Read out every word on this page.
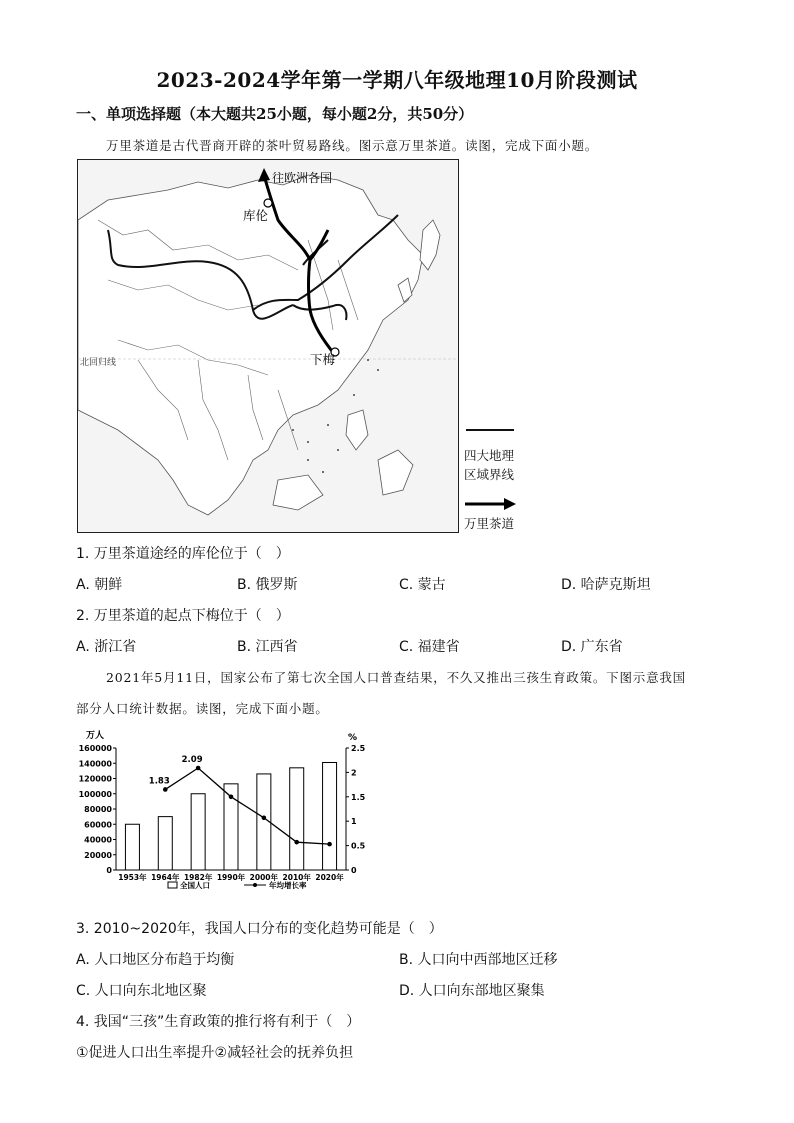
2023-2024学年第一学期八年级地理10月阶段测试
一、单项选择题（本大题共25小题，每小题2分，共50分）
万里茶道是古代晋商开辟的茶叶贸易路线。图示意万里茶道。读图，完成下面小题。
往欧洲各国
库伦
下梅
北回归线
四大地理
区域界线
万里茶道
1. 万里茶道途经的库伦位于（　）
A. 朝鲜	B. 俄罗斯	C. 蒙古	D. 哈萨克斯坦
2. 万里茶道的起点下梅位于（　）
A. 浙江省	B. 江西省	C. 福建省	D. 广东省
2021年5月11日，国家公布了第七次全国人口普查结果，不久又推出三孩生育政策。下图示意我国
部分人口统计数据。读图，完成下面小题。
万人	%
0
20000
40000
60000
80000
100000
120000
140000
160000
0
0.5
1
1.5
2
2.5
1953年 1964年 1982年 1990年 2000年 2010年 2020年
1.83
2.09
全国人口	年均增长率
3. 2010~2020年，我国人口分布的变化趋势可能是（　）
A. 人口地区分布趋于均衡	B. 人口向中西部地区迁移
C. 人口向东北地区聚	D. 人口向东部地区聚集
4. 我国“三孩”生育政策的推行将有利于（　）
①促进人口出生率提升②减轻社会的抚养负担
